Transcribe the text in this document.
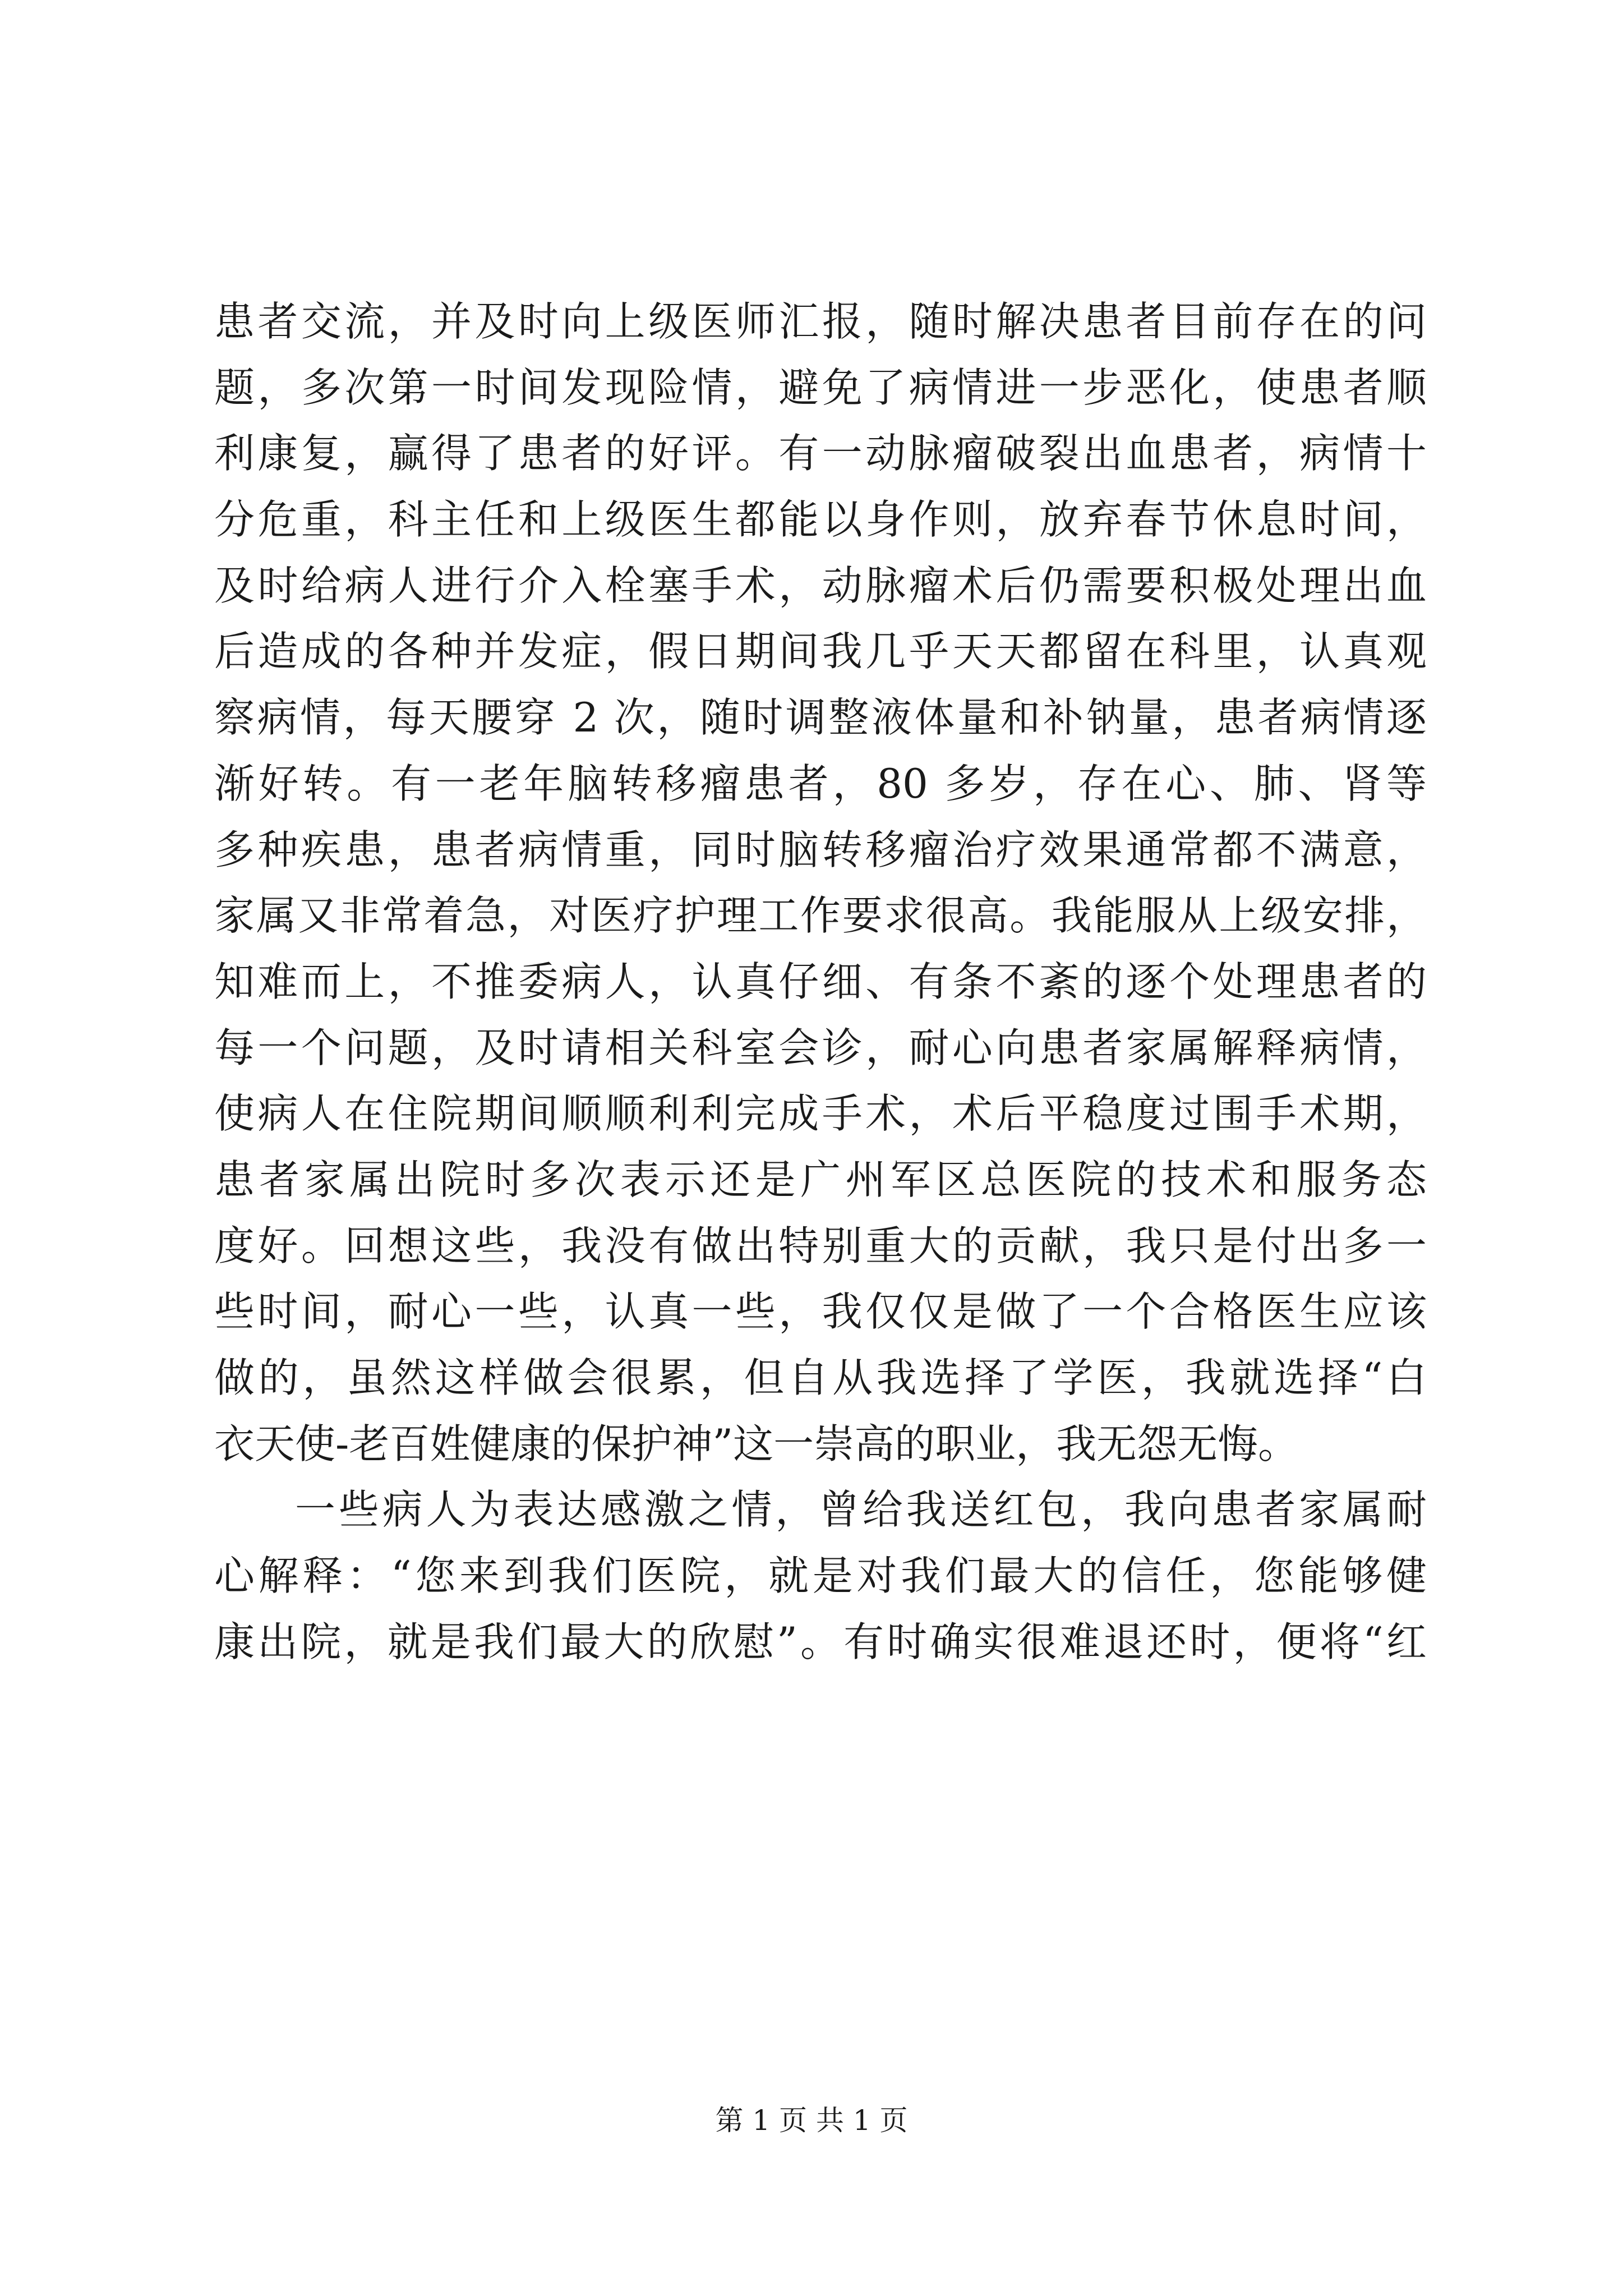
患者交流，并及时向上级医师汇报，随时解决患者目前存在的问
题，多次第一时间发现险情，避免了病情进一步恶化，使患者顺
利康复，赢得了患者的好评。有一动脉瘤破裂出血患者，病情十
分危重，科主任和上级医生都能以身作则，放弃春节休息时间，
及时给病人进行介入栓塞手术，动脉瘤术后仍需要积极处理出血
后造成的各种并发症，假日期间我几乎天天都留在科里，认真观
察病情，每天腰穿 2 次，随时调整液体量和补钠量，患者病情逐
渐好转。有一老年脑转移瘤患者，80 多岁，存在心、肺、肾等
多种疾患，患者病情重，同时脑转移瘤治疗效果通常都不满意，
家属又非常着急，对医疗护理工作要求很高。我能服从上级安排，
知难而上，不推委病人，认真仔细、有条不紊的逐个处理患者的
每一个问题，及时请相关科室会诊，耐心向患者家属解释病情，
使病人在住院期间顺顺利利完成手术，术后平稳度过围手术期，
患者家属出院时多次表示还是广州军区总医院的技术和服务态
度好。回想这些，我没有做出特别重大的贡献，我只是付出多一
些时间，耐心一些，认真一些，我仅仅是做了一个合格医生应该
做的，虽然这样做会很累，但自从我选择了学医，我就选择“白
衣天使-老百姓健康的保护神”这一崇高的职业，我无怨无悔。
一些病人为表达感激之情，曾给我送红包，我向患者家属耐
心解释：“您来到我们医院，就是对我们最大的信任，您能够健
康出院，就是我们最大的欣慰”。有时确实很难退还时，便将“红
第 1 页 共 1 页
